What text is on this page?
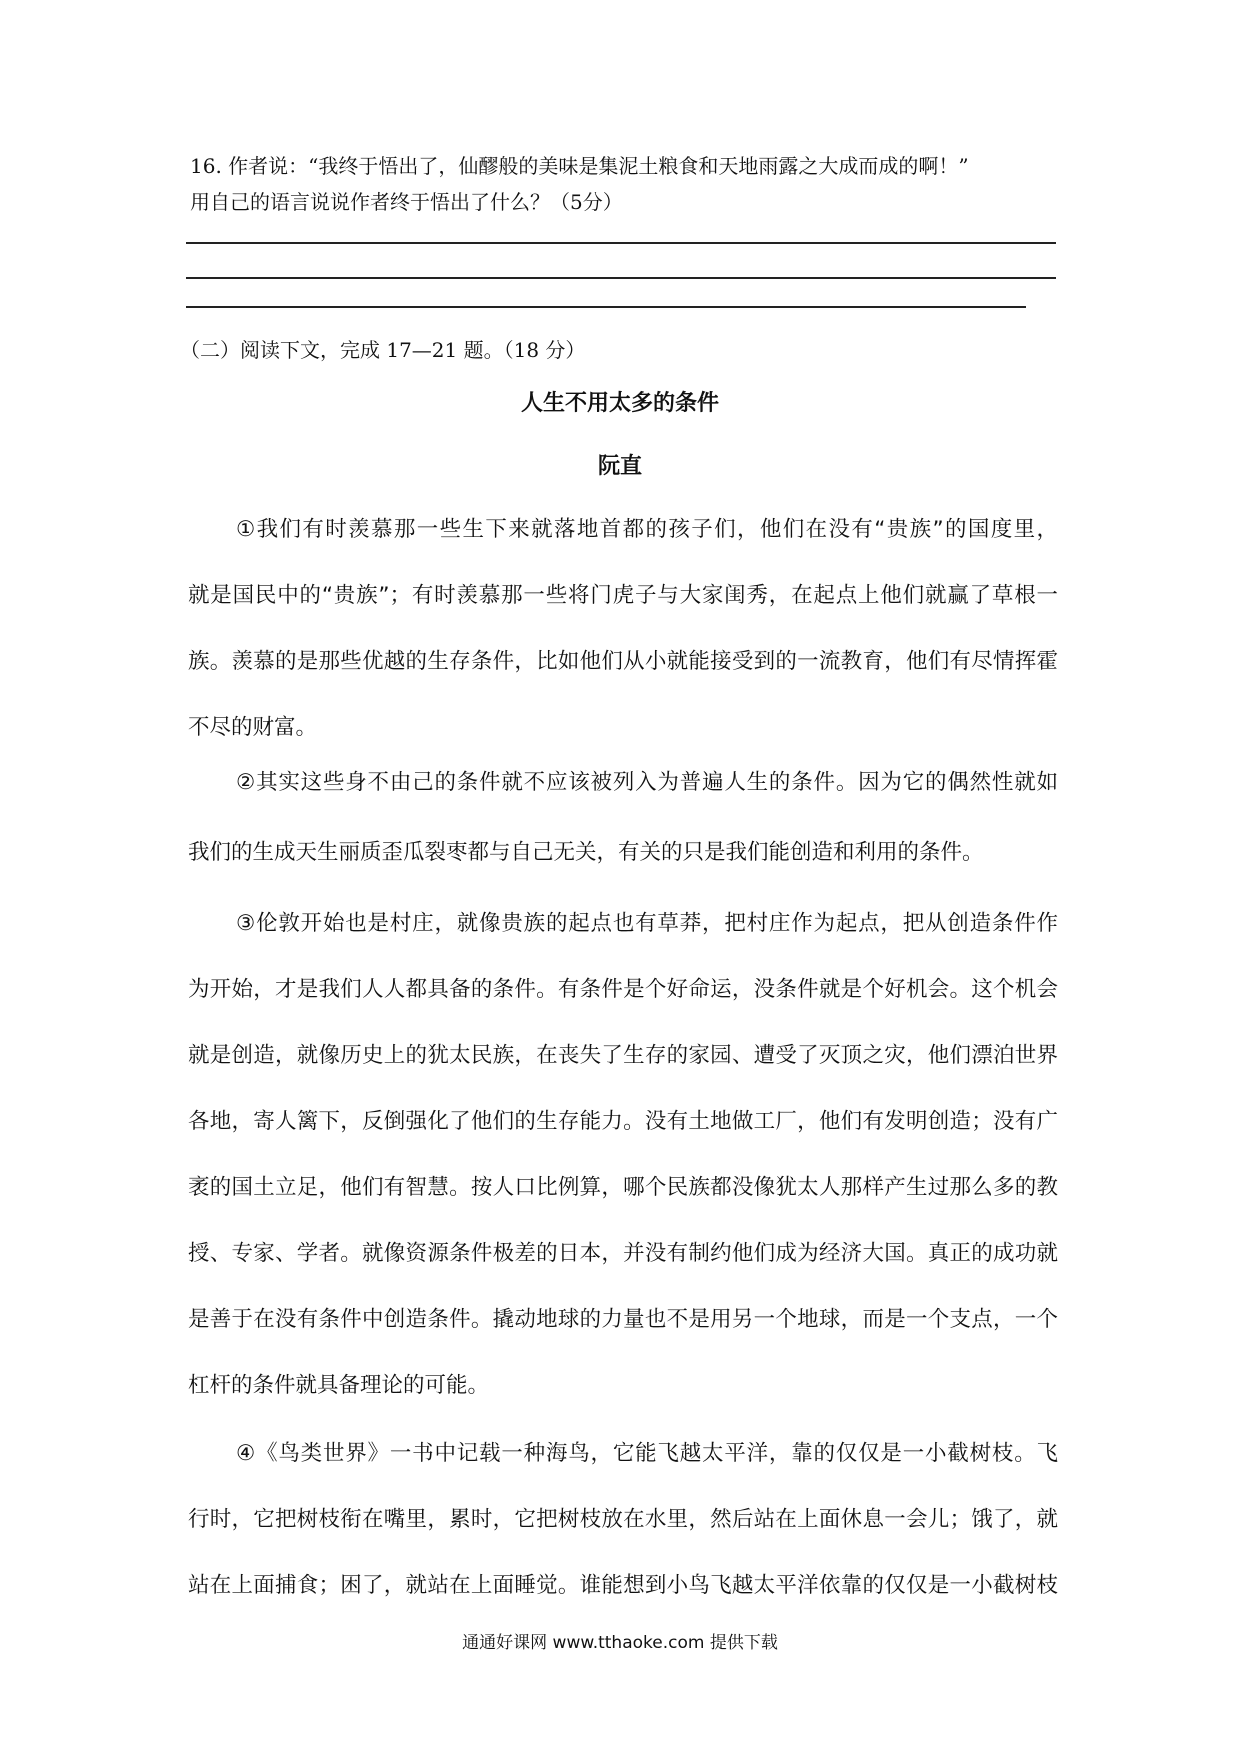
16. 作者说：“我终于悟出了，仙醪般的美味是集泥土粮食和天地雨露之大成而成的啊！”
用自己的语言说说作者终于悟出了什么？（5分）
（二）阅读下文，完成 17—21 题。（18 分）
人生不用太多的条件
阮直
①我们有时羡慕那一些生下来就落地首都的孩子们，他们在没有“贵族”的国度里，
就是国民中的“贵族”；有时羡慕那一些将门虎子与大家闺秀，在起点上他们就赢了草根一
族。羡慕的是那些优越的生存条件，比如他们从小就能接受到的一流教育，他们有尽情挥霍
不尽的财富。
②其实这些身不由己的条件就不应该被列入为普遍人生的条件。因为它的偶然性就如
我们的生成天生丽质歪瓜裂枣都与自己无关，有关的只是我们能创造和利用的条件。
③伦敦开始也是村庄，就像贵族的起点也有草莽，把村庄作为起点，把从创造条件作
为开始，才是我们人人都具备的条件。有条件是个好命运，没条件就是个好机会。这个机会
就是创造，就像历史上的犹太民族，在丧失了生存的家园、遭受了灭顶之灾，他们漂泊世界
各地，寄人篱下，反倒强化了他们的生存能力。没有土地做工厂，他们有发明创造；没有广
袤的国土立足，他们有智慧。按人口比例算，哪个民族都没像犹太人那样产生过那么多的教
授、专家、学者。就像资源条件极差的日本，并没有制约他们成为经济大国。真正的成功就
是善于在没有条件中创造条件。撬动地球的力量也不是用另一个地球，而是一个支点，一个
杠杆的条件就具备理论的可能。
④《鸟类世界》一书中记载一种海鸟，它能飞越太平洋，靠的仅仅是一小截树枝。飞
行时，它把树枝衔在嘴里，累时，它把树枝放在水里，然后站在上面休息一会儿；饿了，就
站在上面捕食；困了，就站在上面睡觉。谁能想到小鸟飞越太平洋依靠的仅仅是一小截树枝
通通好课网 www.tthaoke.com 提供下载
